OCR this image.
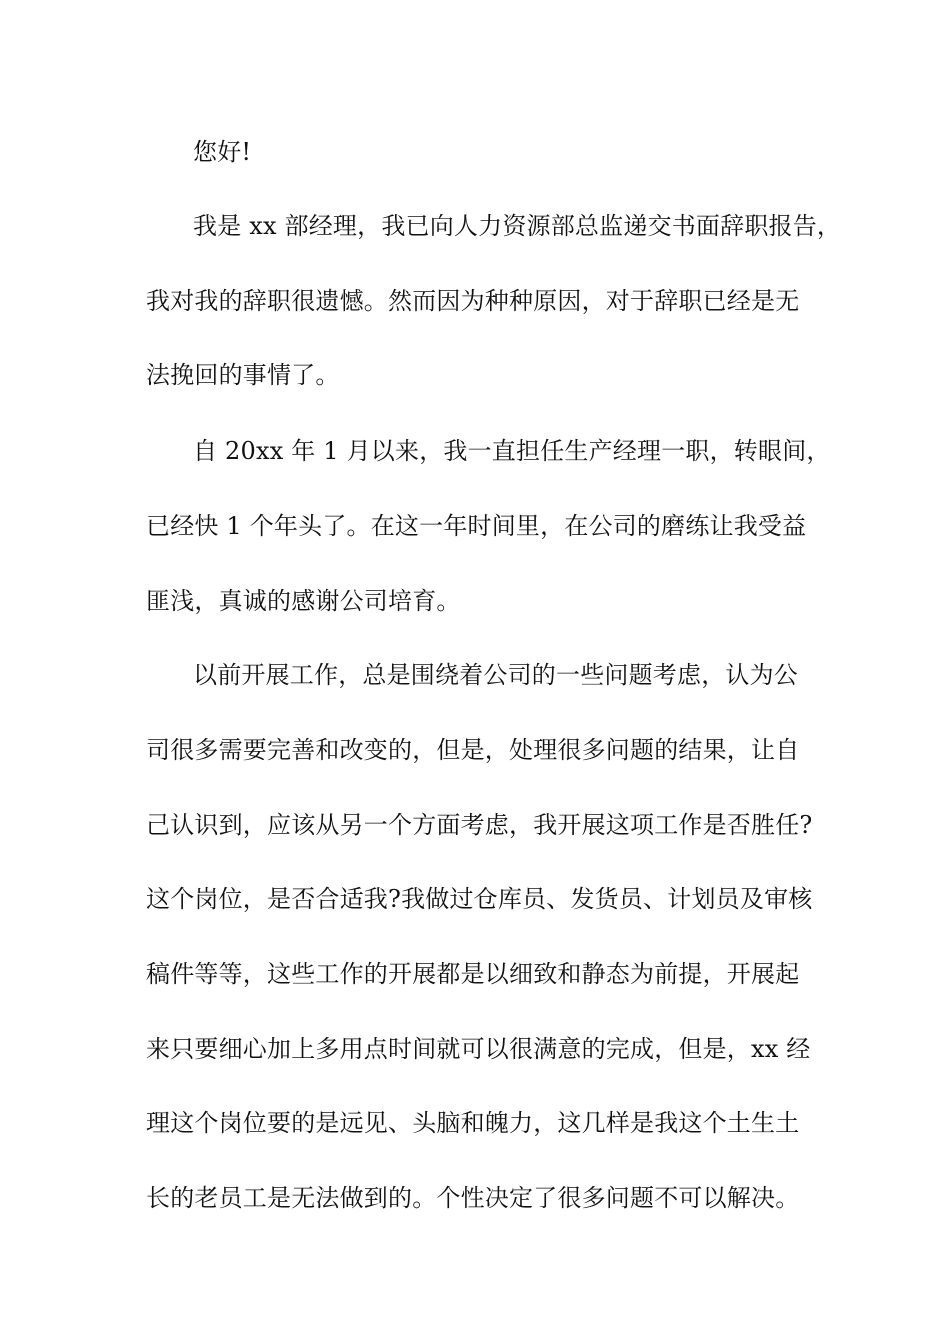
您好!
我是 xx 部经理，我已向人力资源部总监递交书面辞职报告，
我对我的辞职很遗憾。然而因为种种原因，对于辞职已经是无
法挽回的事情了。
自 20xx 年 1 月以来，我一直担任生产经理一职，转眼间，
已经快 1 个年头了。在这一年时间里，在公司的磨练让我受益
匪浅，真诚的感谢公司培育。
以前开展工作，总是围绕着公司的一些问题考虑，认为公
司很多需要完善和改变的，但是，处理很多问题的结果，让自
己认识到，应该从另一个方面考虑，我开展这项工作是否胜任?
这个岗位，是否合适我?我做过仓库员、发货员、计划员及审核
稿件等等，这些工作的开展都是以细致和静态为前提，开展起
来只要细心加上多用点时间就可以很满意的完成，但是，xx 经
理这个岗位要的是远见、头脑和魄力，这几样是我这个土生土
长的老员工是无法做到的。个性决定了很多问题不可以解决。
